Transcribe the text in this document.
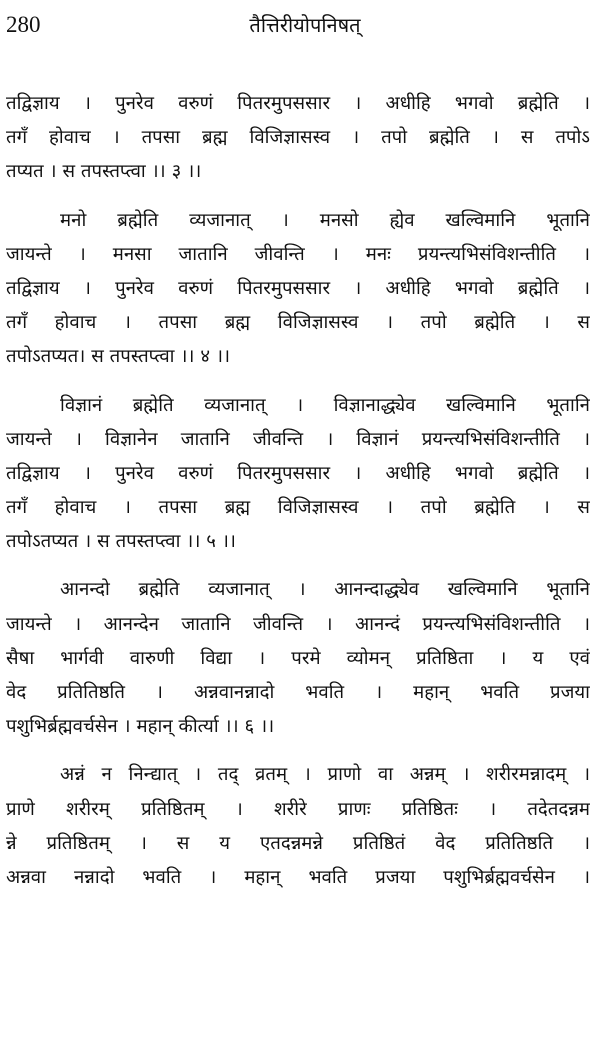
280	तैत्तिरीयोपनिषत्
तद्विज्ञाय । पुनरेव वरुणं पितरमुपससार । अधीहि भगवो ब्रह्मेति ।
तगँ होवाच । तपसा ब्रह्म विजिज्ञासस्व । तपो ब्रह्मेति । स तपोऽ
तप्यत । स तपस्तप्त्वा ।। ३ ।।
मनो ब्रह्मेति व्यजानात् । मनसो ह्येव खल्विमानि भूतानि
जायन्ते । मनसा जातानि जीवन्ति । मनः प्रयन्त्यभिसंविशन्तीति ।
तद्विज्ञाय । पुनरेव वरुणं पितरमुपससार । अधीहि भगवो ब्रह्मेति ।
तगँ होवाच । तपसा ब्रह्म विजिज्ञासस्व । तपो ब्रह्मेति । स
तपोऽतप्यत। स तपस्तप्त्वा ।। ४ ।।
विज्ञानं ब्रह्मेति व्यजानात् । विज्ञानाद्ध्येव खल्विमानि भूतानि
जायन्ते । विज्ञानेन जातानि जीवन्ति । विज्ञानं प्रयन्त्यभिसंविशन्तीति ।
तद्विज्ञाय । पुनरेव वरुणं पितरमुपससार । अधीहि भगवो ब्रह्मेति ।
तगँ होवाच । तपसा ब्रह्म विजिज्ञासस्व । तपो ब्रह्मेति । स
तपोऽतप्यत । स तपस्तप्त्वा ।। ५ ।।
आनन्दो ब्रह्मेति व्यजानात् । आनन्दाद्ध्येव खल्विमानि भूतानि
जायन्ते । आनन्देन जातानि जीवन्ति । आनन्दं प्रयन्त्यभिसंविशन्तीति ।
सैषा भार्गवी वारुणी विद्या । परमे व्योमन् प्रतिष्ठिता । य एवं
वेद प्रतितिष्ठति । अन्नवानन्नादो भवति । महान् भवति प्रजया
पशुभिर्ब्रह्मवर्चसेन । महान् कीर्त्या ।। ६ ।।
अन्नं न निन्द्यात् । तद् व्रतम् । प्राणो वा अन्नम् । शरीरमन्नादम् ।
प्राणे शरीरम् प्रतिष्ठितम् । शरीरे प्राणः प्रतिष्ठितः । तदेतदन्नम
न्ने प्रतिष्ठितम् । स य एतदन्नमन्ने प्रतिष्ठितं वेद प्रतितिष्ठति ।
अन्नवा नन्नादो भवति । महान् भवति प्रजया पशुभिर्ब्रह्मवर्चसेन ।
